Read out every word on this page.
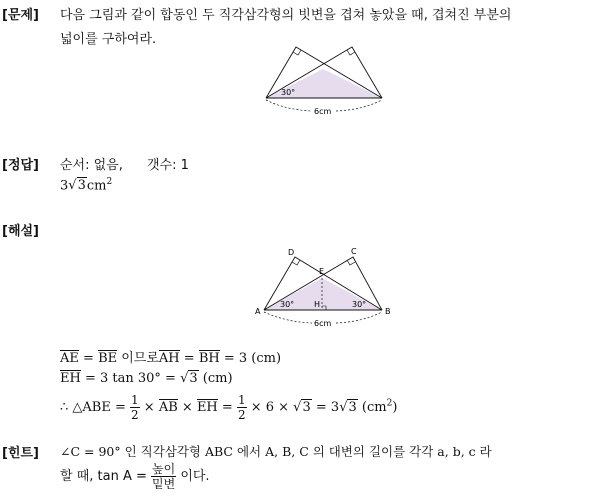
[문제] 다음 그림과 같이 합동인 두 직각삼각형의 빗변을 겹쳐 놓았을 때, 겹쳐진 부분의
넓이를 구하여라.
30°
6cm
[정답] 순서: 없음, 갯수: 1
$3√3cm^2$
[해설]
A	B
C
D
E
H
30°	30°
6cm
AE = BE 이므로AH = BH = 3 (cm)
EH = 3 tan 30° = √3 (cm)
∴ △ABE = $\frac{1}{2}$ × AB × EH = $\frac{1}{2} \times 6 \times √3 = 3√3$ $(cm^2)$
[힌트] ∠C = 90° 인 직각삼각형 ABC 에서 A, B, C 의 대변의 길이를 각각 a, b, c 라
할 때, $\tan A = \frac{\text{높이}}{\text{밑변}}$ 이다.
